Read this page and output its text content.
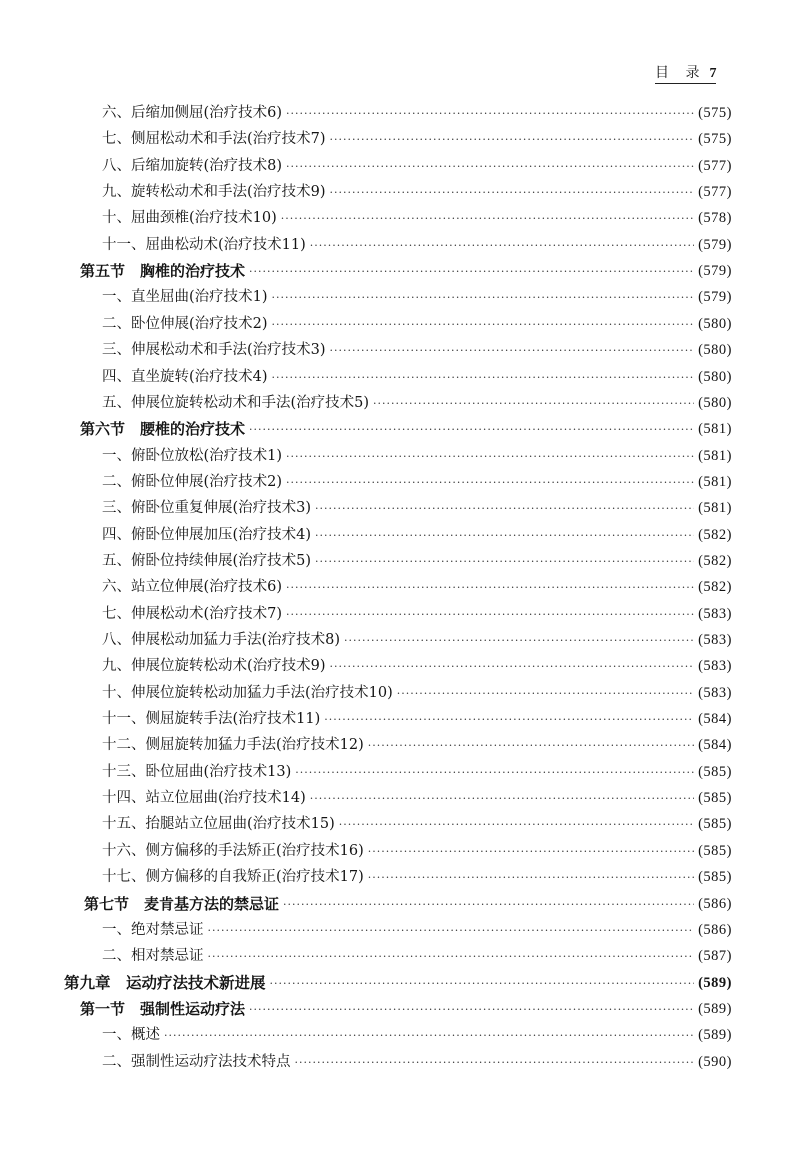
目 录 7
六、后缩加侧屈(治疗技术6) ·····	(575)
七、侧屈松动术和手法(治疗技术7) ·····	(575)
八、后缩加旋转(治疗技术8) ·····	(577)
九、旋转松动术和手法(治疗技术9) ·····	(577)
十、屈曲颈椎(治疗技术10) ·····	(578)
十一、屈曲松动术(治疗技术11) ·····	(579)
第五节　胸椎的治疗技术 ·····	(579)
一、直坐屈曲(治疗技术1) ·····	(579)
二、卧位伸展(治疗技术2) ·····	(580)
三、伸展松动术和手法(治疗技术3) ·····	(580)
四、直坐旋转(治疗技术4) ·····	(580)
五、伸展位旋转松动术和手法(治疗技术5) ·····	(580)
第六节　腰椎的治疗技术 ·····	(581)
一、俯卧位放松(治疗技术1) ·····	(581)
二、俯卧位伸展(治疗技术2) ·····	(581)
三、俯卧位重复伸展(治疗技术3) ·····	(581)
四、俯卧位伸展加压(治疗技术4) ·····	(582)
五、俯卧位持续伸展(治疗技术5) ·····	(582)
六、站立位伸展(治疗技术6) ·····	(582)
七、伸展松动术(治疗技术7) ·····	(583)
八、伸展松动加猛力手法(治疗技术8) ·····	(583)
九、伸展位旋转松动术(治疗技术9) ·····	(583)
十、伸展位旋转松动加猛力手法(治疗技术10) ·····	(583)
十一、侧屈旋转手法(治疗技术11) ·····	(584)
十二、侧屈旋转加猛力手法(治疗技术12) ·····	(584)
十三、卧位屈曲(治疗技术13) ·····	(585)
十四、站立位屈曲(治疗技术14) ·····	(585)
十五、抬腿站立位屈曲(治疗技术15) ·····	(585)
十六、侧方偏移的手法矫正(治疗技术16) ·····	(585)
十七、侧方偏移的自我矫正(治疗技术17) ·····	(585)
第七节　麦肯基方法的禁忌证 ·····	(586)
一、绝对禁忌证 ·····	(586)
二、相对禁忌证 ·····	(587)
第九章　运动疗法技术新进展 ·····	(589)
第一节　强制性运动疗法 ·····	(589)
一、概述 ·····	(589)
二、强制性运动疗法技术特点 ·····	(590)
